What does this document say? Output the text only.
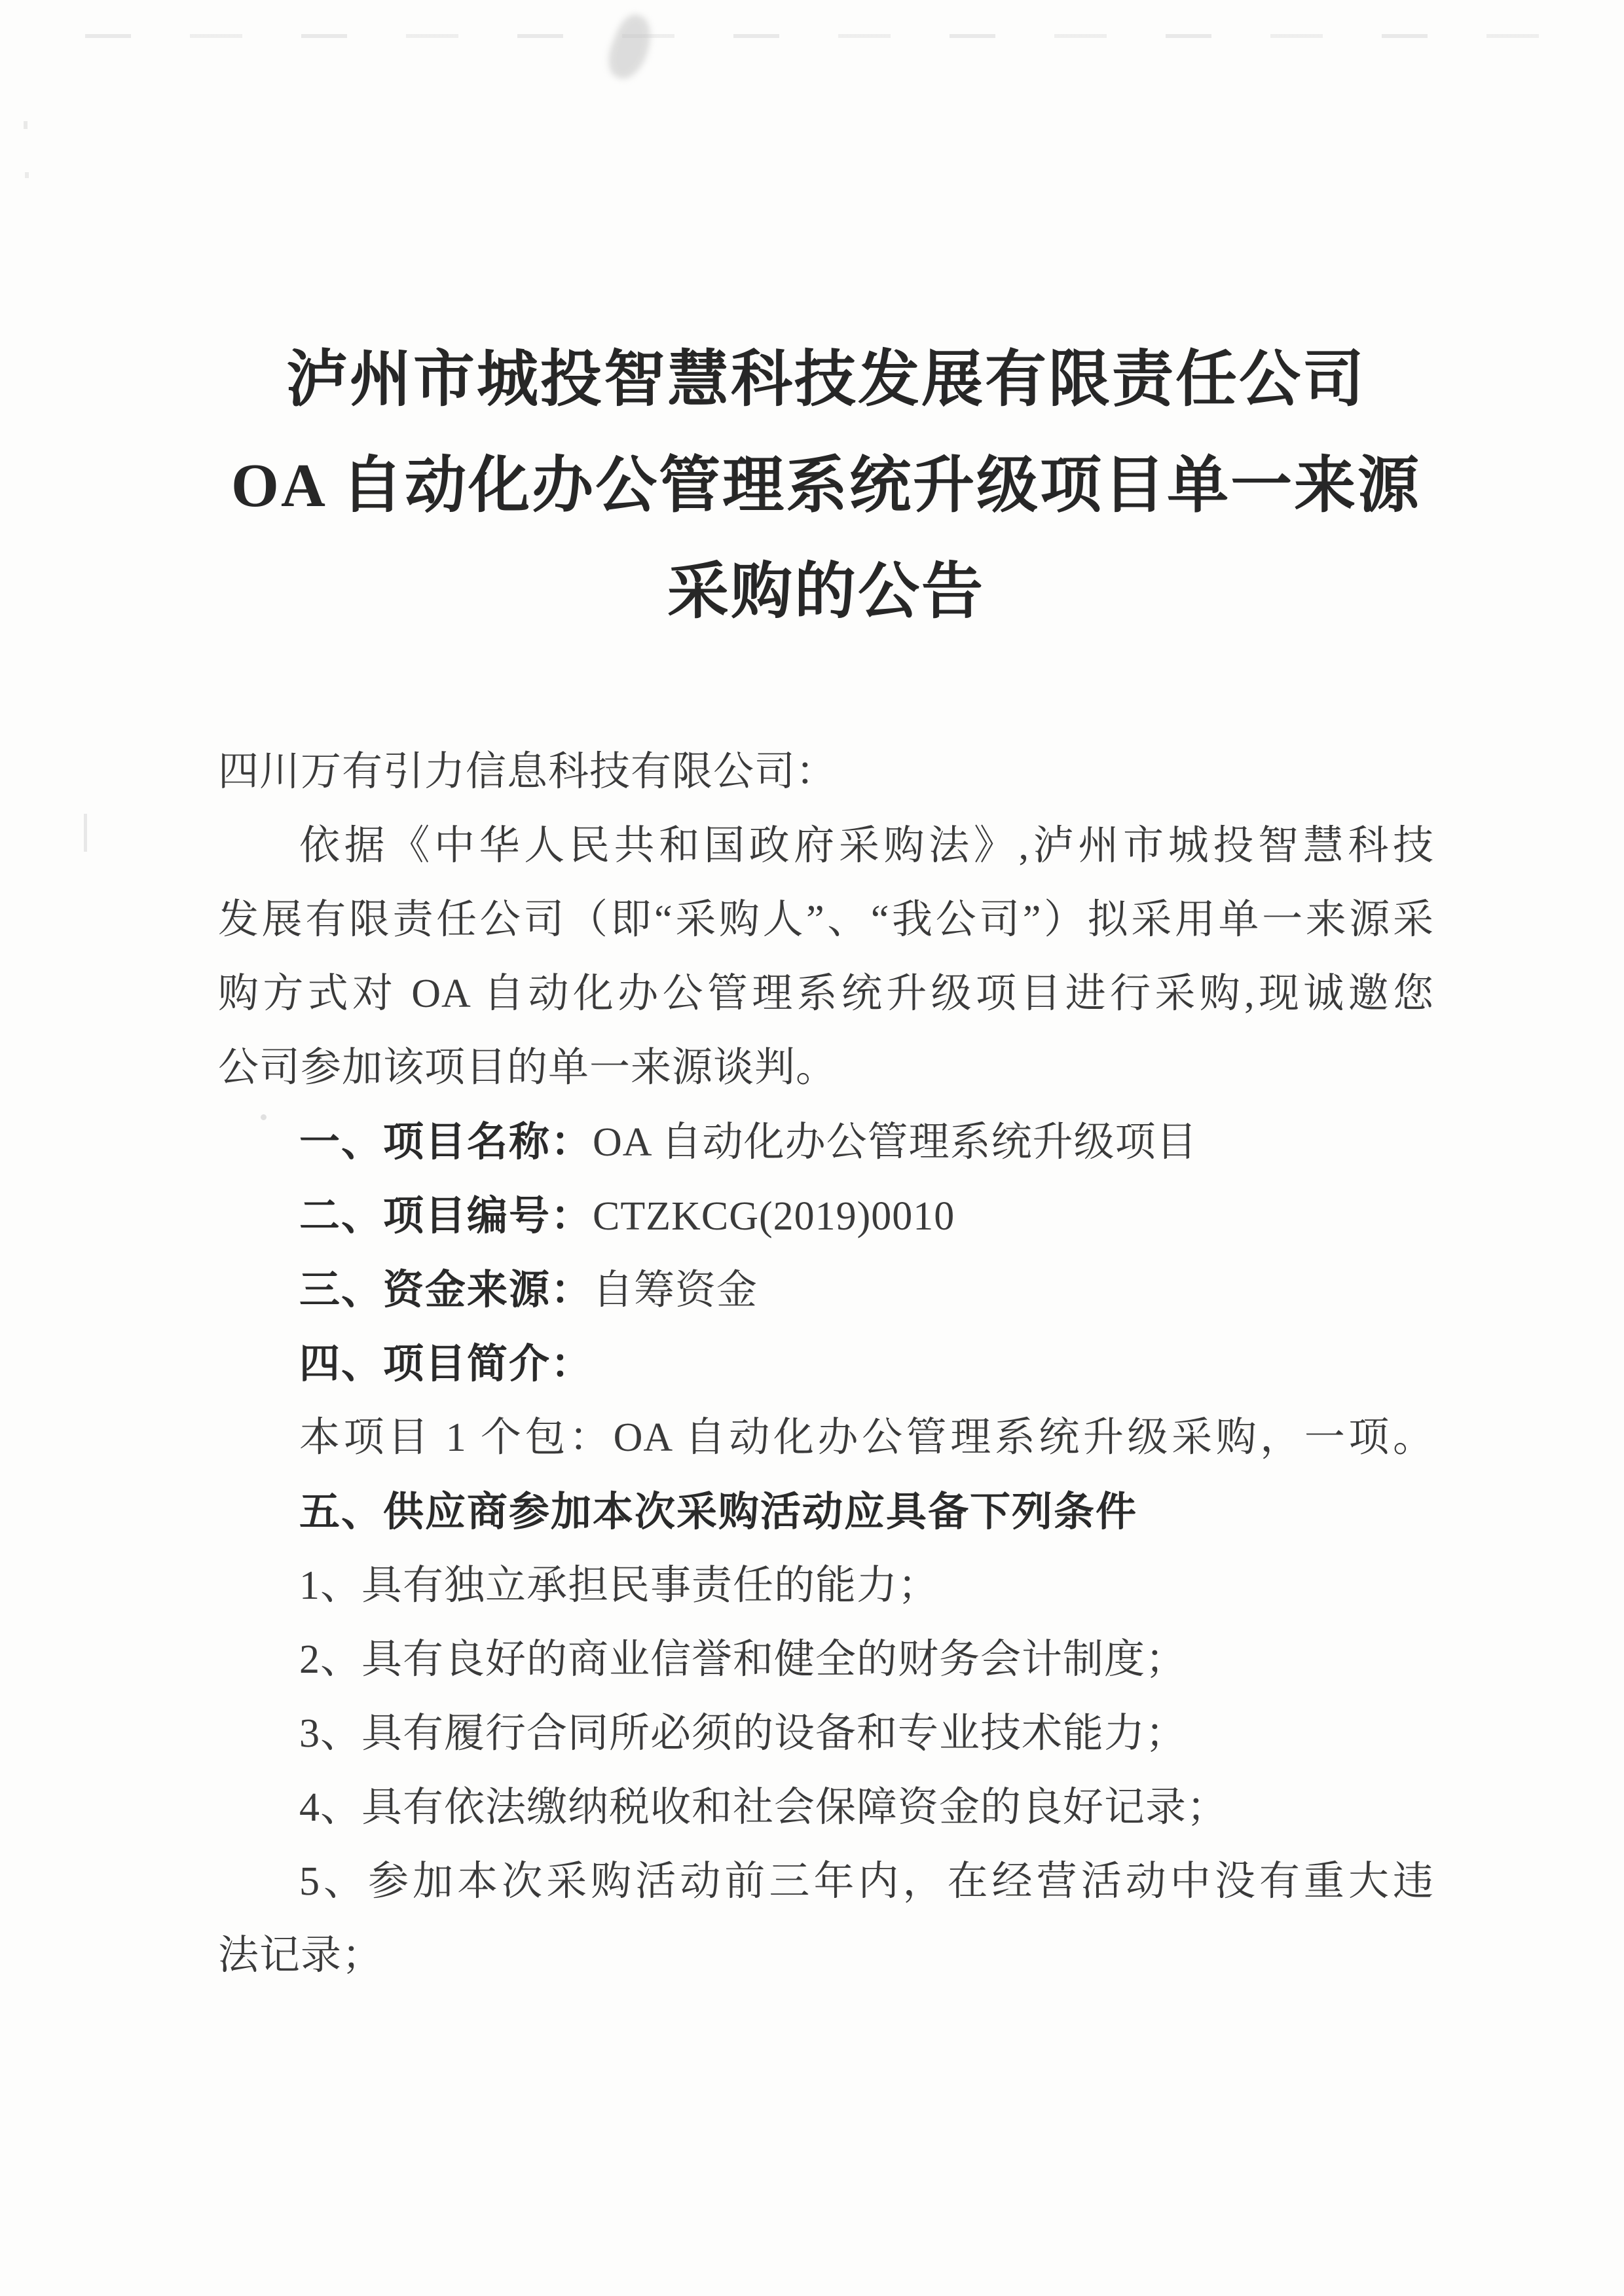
泸州市城投智慧科技发展有限责任公司
OA 自动化办公管理系统升级项目单一来源
采购的公告
四川万有引力信息科技有限公司：
依据《中华人民共和国政府采购法》,泸州市城投智慧科技
发展有限责任公司（即“采购人”、“我公司”）拟采用单一来源采
购方式对 OA 自动化办公管理系统升级项目进行采购,现诚邀您
公司参加该项目的单一来源谈判。
一、项目名称：OA 自动化办公管理系统升级项目
二、项目编号：CTZKCG(2019)0010
三、资金来源：自筹资金
四、项目简介：
本项目 1 个包：OA 自动化办公管理系统升级采购，一项。
五、供应商参加本次采购活动应具备下列条件
1、具有独立承担民事责任的能力；
2、具有良好的商业信誉和健全的财务会计制度；
3、具有履行合同所必须的设备和专业技术能力；
4、具有依法缴纳税收和社会保障资金的良好记录；
5、参加本次采购活动前三年内，在经营活动中没有重大违
法记录；
